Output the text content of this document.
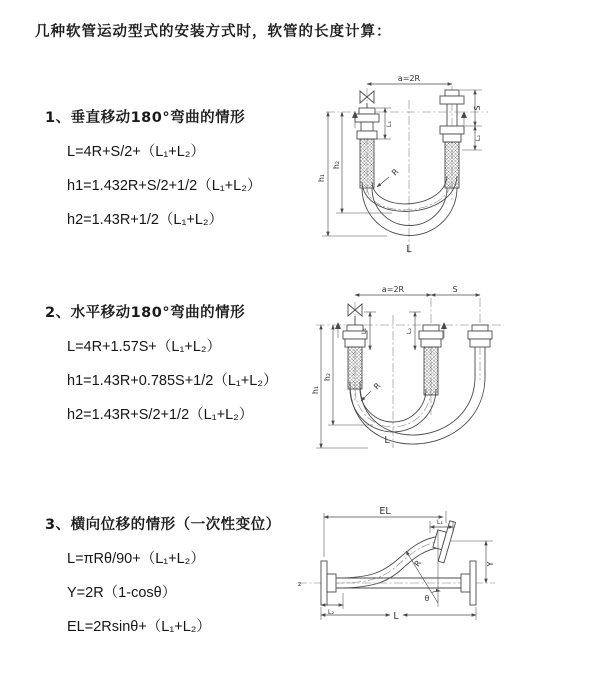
几种软管运动型式的安装方式时，软管的长度计算：
1、垂直移动180°弯曲的情形
L=4R+S/2+（L₁+L₂）
h1=1.432R+S/2+1/2（L₁+L₂）
h2=1.43R+1/2（L₁+L₂）
2、水平移动180°弯曲的情形
L=4R+1.57S+（L₁+L₂）
h1=1.43R+0.785S+1/2（L₁+L₂）
h2=1.43R+S/2+1/2（L₁+L₂）
3、横向位移的情形（一次性变位）
L=πRθ/90+（L₁+L₂）
Y=2R（1-cosθ）
EL=2Rsinθ+（L₁+L₂）
a=2R
h₁
h₂
L₁
S
L₂
R
L
a=2R	S
h₁
h₂
L₁	L₂
R
L
z
EL
L₁
Y
R
θ
L
L₂
